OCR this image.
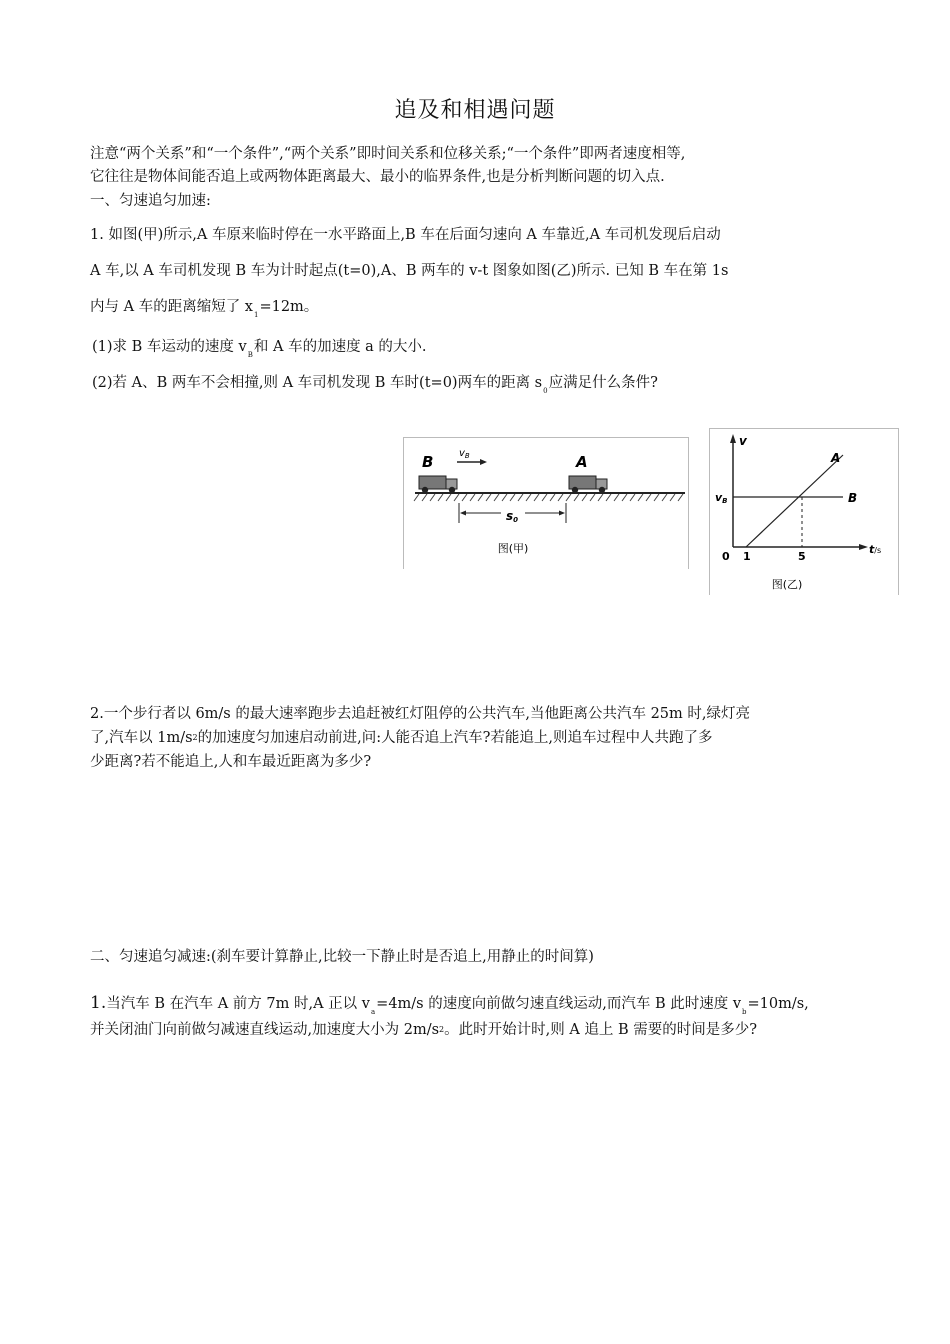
追及和相遇问题
注意“两个关系”和“一个条件”,“两个关系”即时间关系和位移关系;“一个条件”即两者速度相等,
它往往是物体间能否追上或两物体距离最大、最小的临界条件,也是分析判断问题的切入点.
一、匀速追匀加速:
1. 如图(甲)所示,A 车原来临时停在一水平路面上,B 车在后面匀速向 A 车靠近,A 车司机发现后启动
A 车,以 A 车司机发现 B 车为计时起点(t=0),A、B 两车的 v-t 图象如图(乙)所示. 已知 B 车在第 1s
内与 A 车的距离缩短了 $x_1=12m$。
(1)求 B 车运动的速度 $v_B$和 A 车的加速度 a 的大小.
(2)若 A、B 两车不会相撞,则 A 车司机发现 B 车时(t=0)两车的距离 $s_0$应满足什么条件?
B	A
$v_B$
s0
图(甲)
v
t/s
vB	B
A
0 1	5
图(乙)
2.一个步行者以 6m/s 的最大速率跑步去追赶被红灯阻停的公共汽车,当他距离公共汽车 25m 时,绿灯亮
了,汽车以 $1m/s^2$的加速度匀加速启动前进,问:人能否追上汽车?若能追上,则追车过程中人共跑了多
少距离?若不能追上,人和车最近距离为多少?
二、匀速追匀减速:(刹车要计算静止,比较一下静止时是否追上,用静止的时间算)
1.当汽车 B 在汽车 A 前方 7m 时,A 正以 $v_a=4m/s$ 的速度向前做匀速直线运动,而汽车 B 此时速度 $v_b=10m/s$,
并关闭油门向前做匀减速直线运动,加速度大小为 $2m/s^2$。此时开始计时,则 A 追上 B 需要的时间是多少?
